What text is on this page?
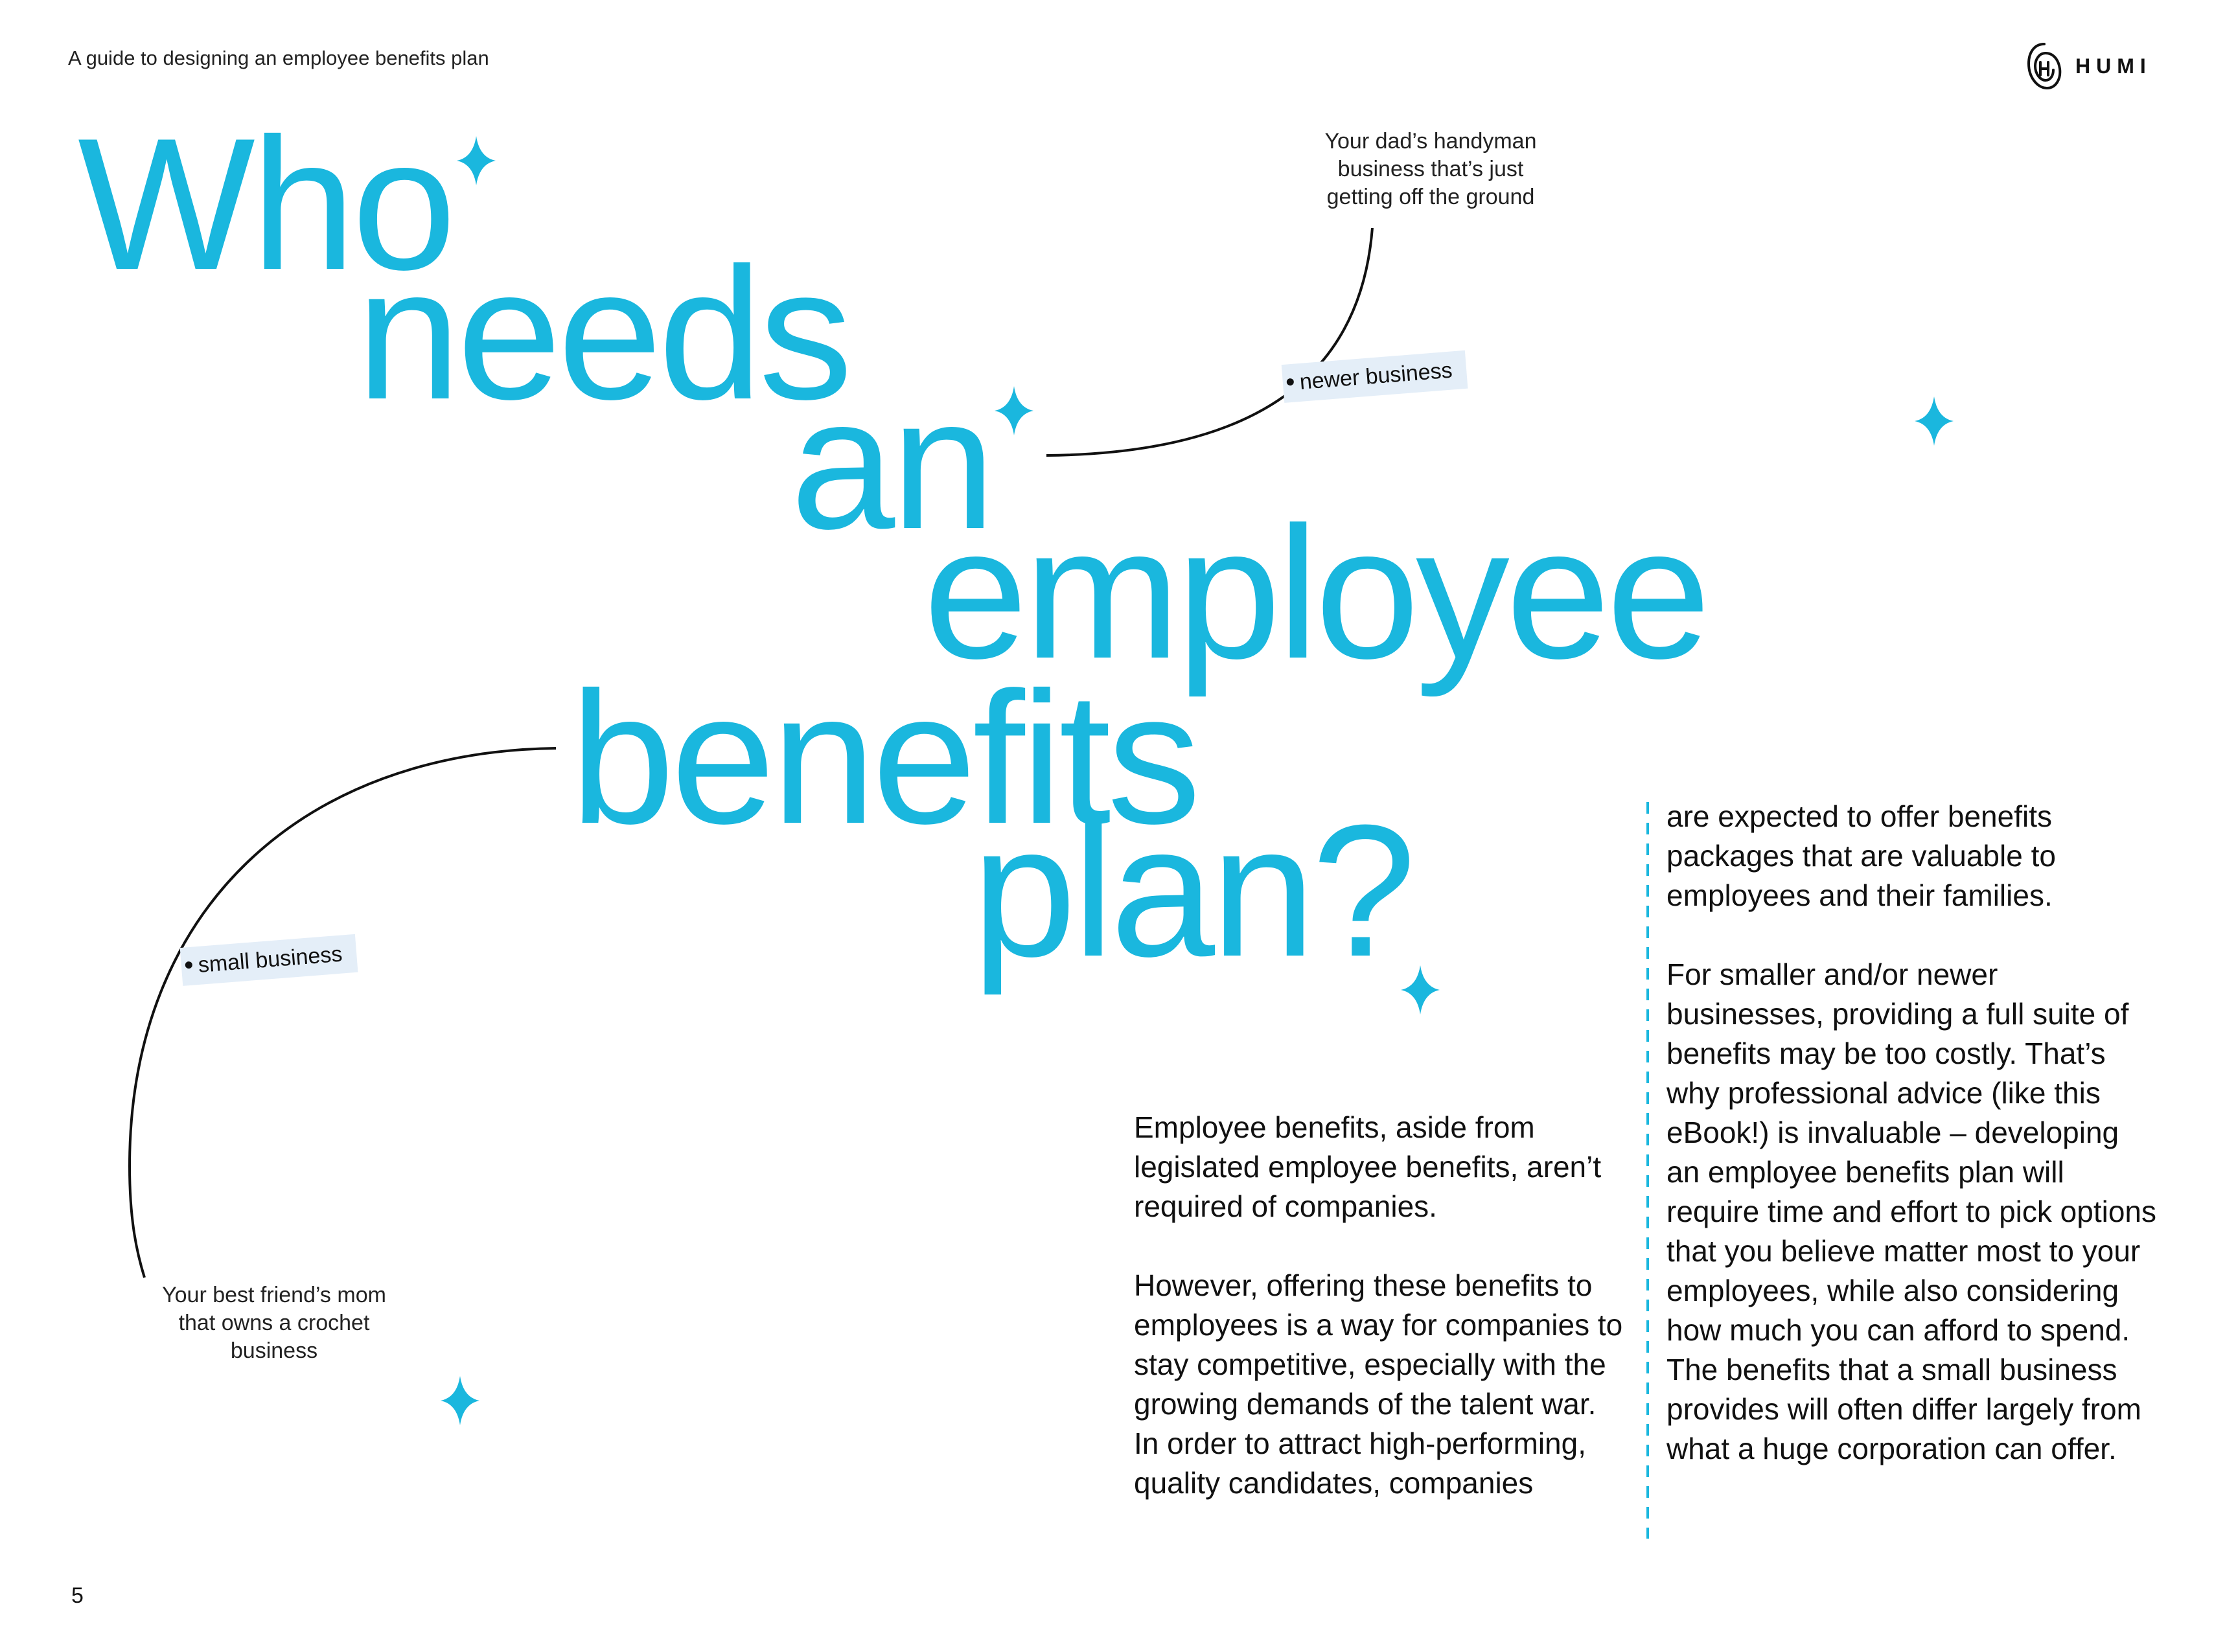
A guide to designing an employee benefits plan	HUMI
Who
needs
an
employee
benefits
plan?
Your dad’s handyman
business that’s just
getting off the ground
newer business
small business
Your best friend’s mom
that owns a crochet
business

Employee benefits, aside from legislated employee benefits, aren’t required of companies.

However, offering these benefits to employees is a way for companies to stay competitive, especially with the growing demands of the talent war. In order to attract high-performing, quality candidates, companies

are expected to offer benefits packages that are valuable to employees and their families.

For smaller and/or newer businesses, providing a full suite of benefits may be too costly. That’s why professional advice (like this eBook!) is invaluable – developing an employee benefits plan will require time and effort to pick options that you believe matter most to your employees, while also considering how much you can afford to spend. The benefits that a small business provides will often differ largely from what a huge corporation can offer.

5
